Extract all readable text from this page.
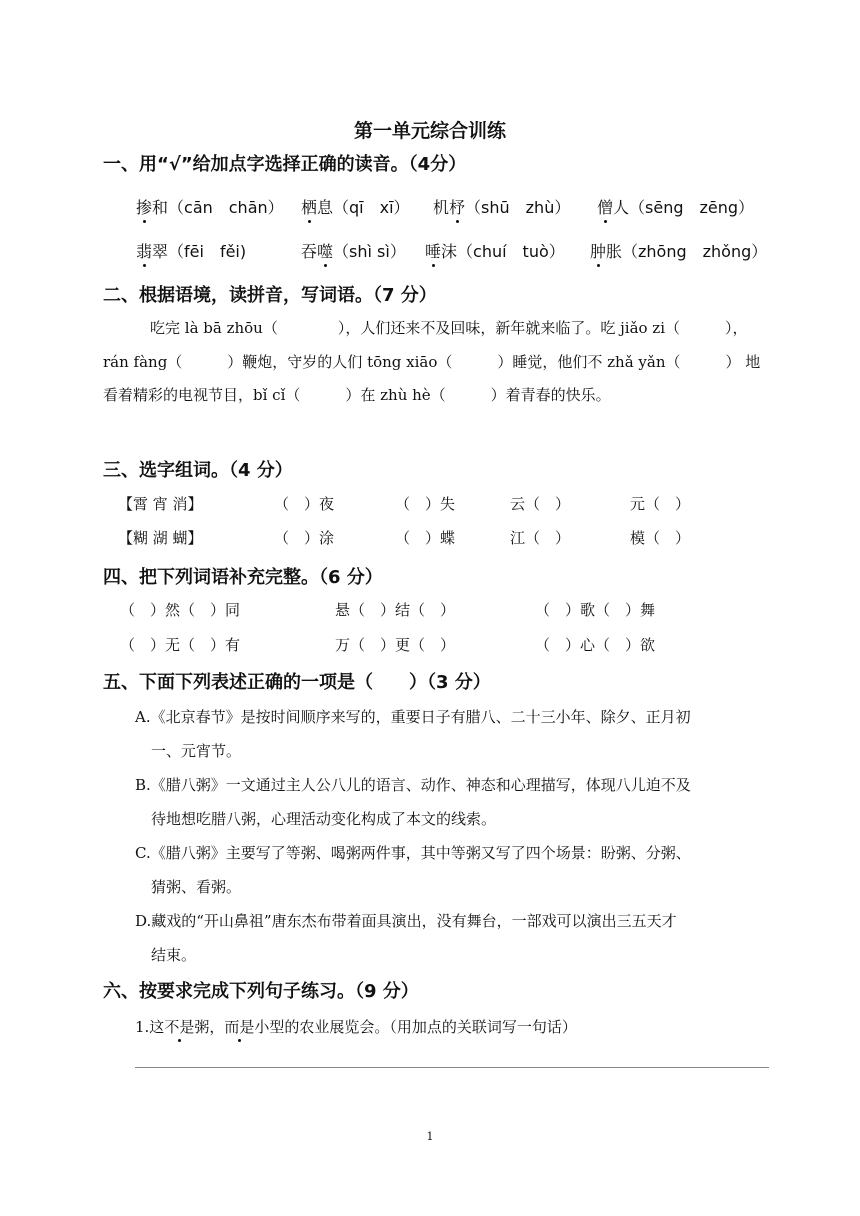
第一单元综合训练
一、用“√”给加点字选择正确的读音。（4分）
掺和（cān　chān） 栖息（qī　xī） 机杼（shū　zhù） 僧人（sēng　zēng）
翡翠（fēi　fěi)	吞噬（shì sì） 唾沫（chuí　tuò） 肿胀（zhōng　zhǒng）
二、根据语境，读拼音，写词语。（7 分）
吃完 là bā zhōu（　　　　），人们还来不及回味，新年就来临了。吃 jiǎo zi（　　　），rán fàng（　　　）鞭炮，守岁的人们 tōng xiāo（　　　）睡觉，他们不 zhǎ yǎn（　　　） 地看着精彩的电视节目，bǐ cǐ（　　　）在 zhù hè（　　　）着青春的快乐。
三、选字组词。（4 分）
【霄 宵 消】	（　）夜	（　）失	云（　）	元（　）
【糊 湖 蝴】	（　）涂	（　）蝶	江（　）	模（　）
四、把下列词语补充完整。（6 分）
（　）然（　）同	悬（　）结（　）	（　）歌（　）舞
（　）无（　）有	万（　）更（　）	（　）心（　）欲
五、下面下列表述正确的一项是（　　）（3 分）
A.《北京春节》是按时间顺序来写的，重要日子有腊八、二十三小年、除夕、正月初
一、元宵节。
B.《腊八粥》一文通过主人公八儿的语言、动作、神态和心理描写，体现八儿迫不及
待地想吃腊八粥，心理活动变化构成了本文的线索。
C.《腊八粥》主要写了等粥、喝粥两件事，其中等粥又写了四个场景：盼粥、分粥、
猜粥、看粥。
D.藏戏的“开山鼻祖”唐东杰布带着面具演出，没有舞台，一部戏可以演出三五天才
结束。
六、按要求完成下列句子练习。（9 分）
1.这不是粥，而是小型的农业展览会。（用加点的关联词写一句话）
1
